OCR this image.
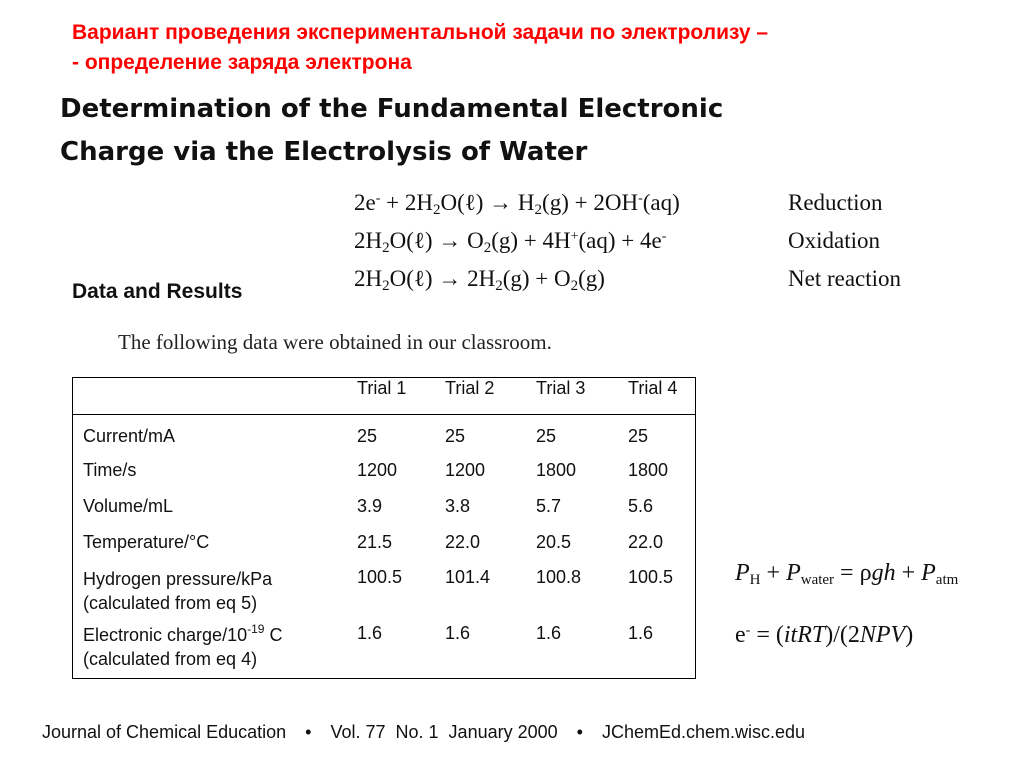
Вариант проведения экспериментальной задачи по электролизу –
- определение заряда электрона
Determination of the Fundamental Electronic
Charge via the Electrolysis of Water
$2e^- + 2H_2O(\ell) \to H_2(g) + 2OH^-(aq)$	Reduction
$2H_2O(\ell) \to O_2(g) + 4H^+(aq) + 4e^-$	Oxidation
$2H_2O(\ell) \to 2H_2(g) + O_2(g)$	Net reaction
Data and Results
The following data were obtained in our classroom.
	Trial 1	Trial 2	Trial 3	Trial 4
Current/mA	25	25	25	25
Time/s	1200	1200	1800	1800
Volume/mL	3.9	3.8	5.7	5.6
Temperature/°C	21.5	22.0	20.5	22.0

Hydrogen pressure/kPa
(calculated from eq 5)	100.5	101.4	100.8	100.5

Electronic charge/$10^{-19}$ C
(calculated from eq 4)	1.6	1.6	1.6	1.6
$P_H + P_{water} = \rho gh + P_{atm}$
e- = (itRT)/(2NPV)
Journal of Chemical Education • Vol. 77  No. 1  January 2000 • JChemEd.chem.wisc.edu
